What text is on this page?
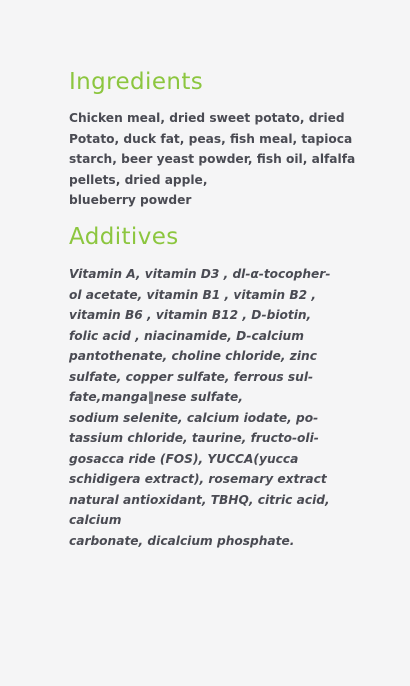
Ingredients

Chicken meal, dried sweet potato, dried
Potato, duck fat, peas, fish meal, tapioca
starch, beer yeast powder, fish oil, alfalfa
pellets, dried apple,
blueberry powder

Additives

Vitamin A, vitamin D3 , dl-α-tocopher-
ol acetate, vitamin B1 , vitamin B2 ,
vitamin B6 , vitamin B12 , D-biotin,
folic acid , niacinamide, D-calcium
pantothenate, choline chloride, zinc
sulfate, copper sulfate, ferrous sul-
fate,manga‖nese sulfate,
sodium selenite, calcium iodate, po-
tassium chloride, taurine, fructo-oli-
gosacca ride (FOS), YUCCA(yucca
schidigera extract), rosemary extract
natural antioxidant, TBHQ, citric acid,
calcium
carbonate, dicalcium phosphate.
